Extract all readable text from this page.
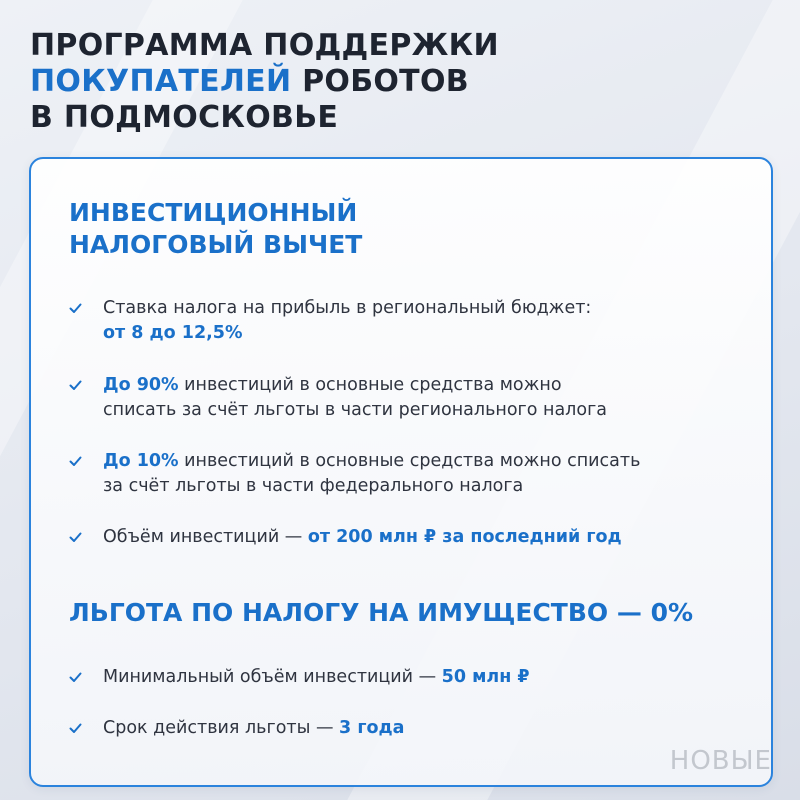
ПРОГРАММА ПОДДЕРЖКИ
ПОКУПАТЕЛЕЙ РОБОТОВ
В ПОДМОСКОВЬЕ
ИНВЕСТИЦИОННЫЙ
НАЛОГОВЫЙ ВЫЧЕТ
Ставка налога на прибыль в региональный бюджет:
от 8 до 12,5%
До 90% инвестиций в основные средства можно
списать за счёт льготы в части регионального налога
До 10% инвестиций в основные средства можно списать
за счёт льготы в части федерального налога
Объём инвестиций — от 200 млн ₽ за последний год
ЛЬГОТА ПО НАЛОГУ НА ИМУЩЕСТВО — 0%
Минимальный объём инвестиций — 50 млн ₽
Срок действия льготы — 3 года
НОВЫЕ
